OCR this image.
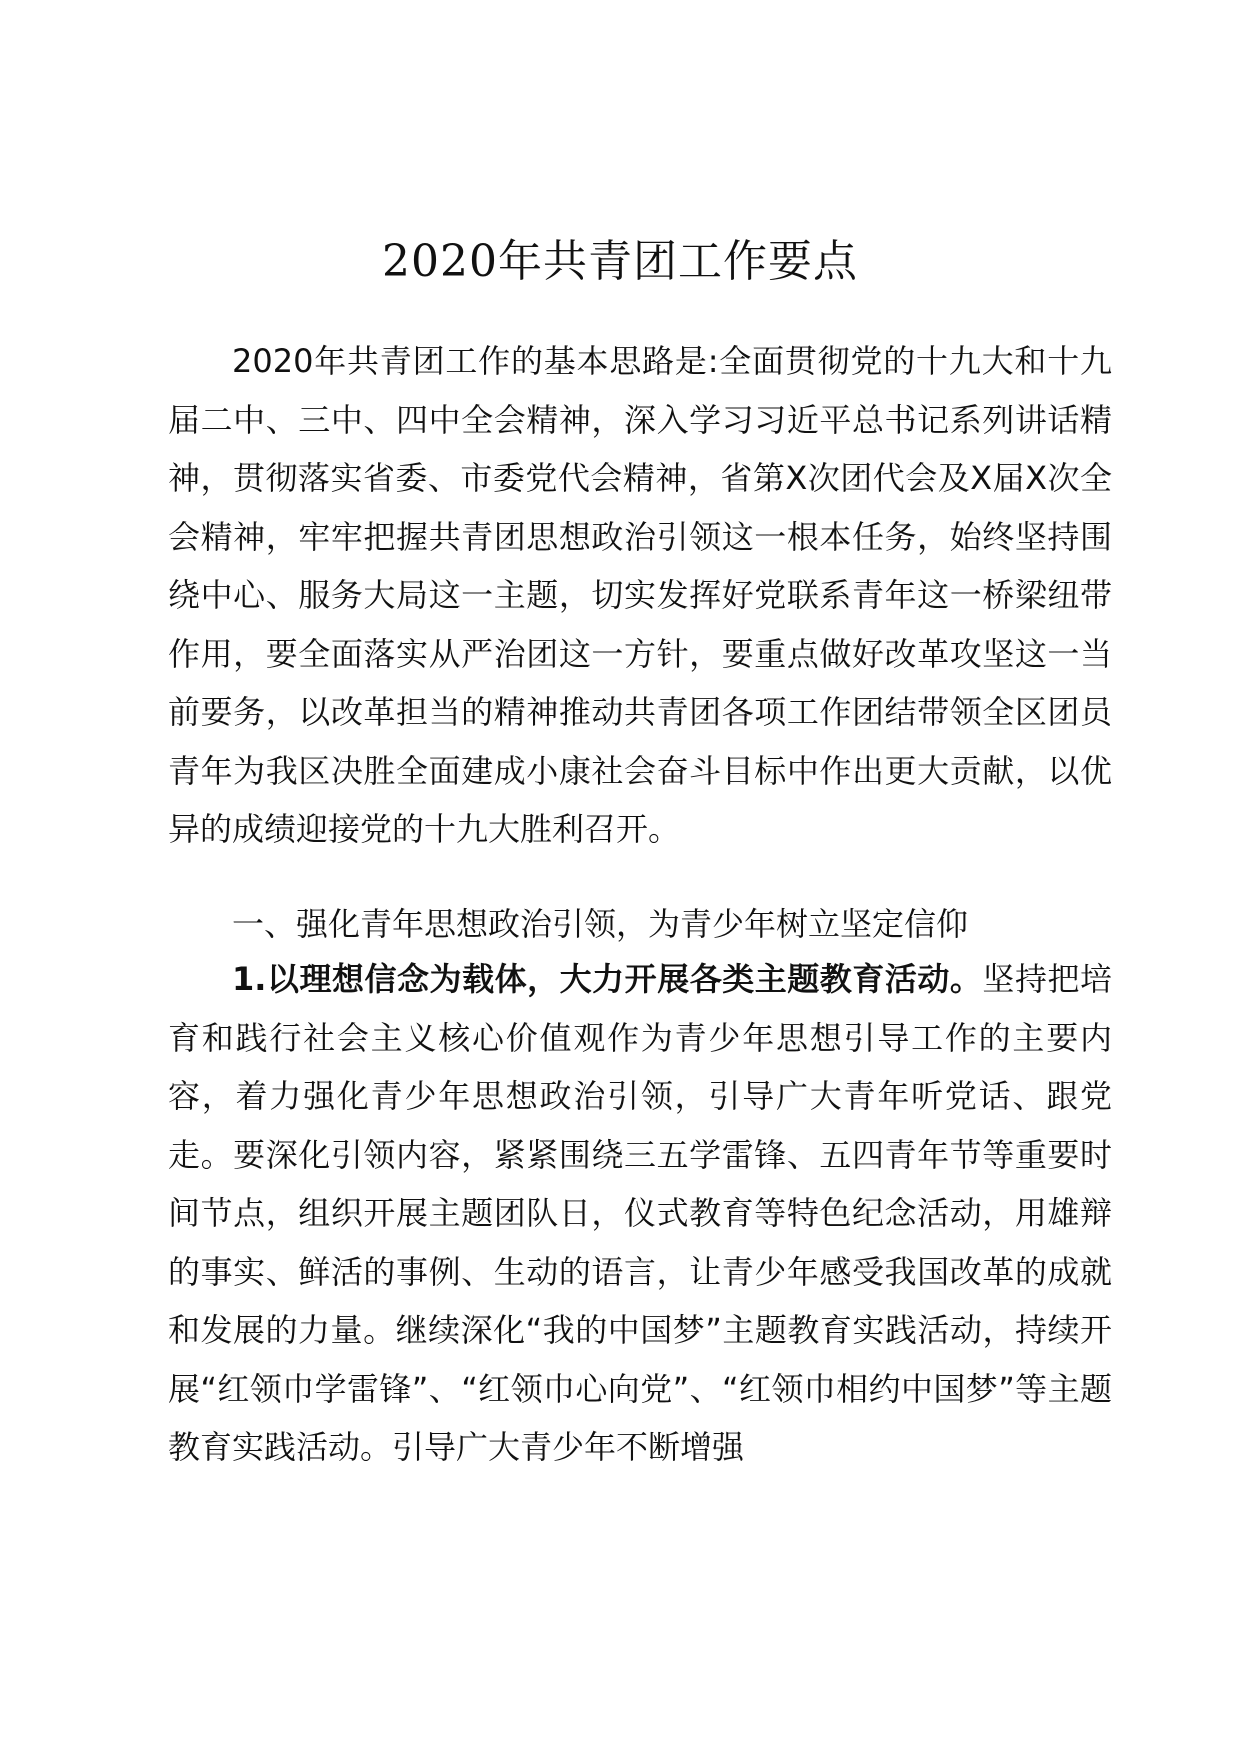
2020年共青团工作要点

2020年共青团工作的基本思路是:全面贯彻党的十九大和十九届二中、三中、四中全会精神，深入学习习近平总书记系列讲话精神，贯彻落实省委、市委党代会精神，省第X次团代会及X届X次全会精神，牢牢把握共青团思想政治引领这一根本任务，始终坚持围绕中心、服务大局这一主题，切实发挥好党联系青年这一桥梁纽带作用，要全面落实从严治团这一方针，要重点做好改革攻坚这一当前要务，以改革担当的精神推动共青团各项工作团结带领全区团员青年为我区决胜全面建成小康社会奋斗目标中作出更大贡献，以优异的成绩迎接党的十九大胜利召开。

一、强化青年思想政治引领，为青少年树立坚定信仰

1.以理想信念为载体，大力开展各类主题教育活动。坚持把培育和践行社会主义核心价值观作为青少年思想引导工作的主要内容，着力强化青少年思想政治引领，引导广大青年听党话、跟党走。要深化引领内容，紧紧围绕三五学雷锋、五四青年节等重要时间节点，组织开展主题团队日，仪式教育等特色纪念活动，用雄辩的事实、鲜活的事例、生动的语言，让青少年感受我国改革的成就和发展的力量。继续深化“我的中国梦”主题教育实践活动，持续开展“红领巾学雷锋”、“红领巾心向党”、“红领巾相约中国梦”等主题教育实践活动。引导广大青少年不断增强
